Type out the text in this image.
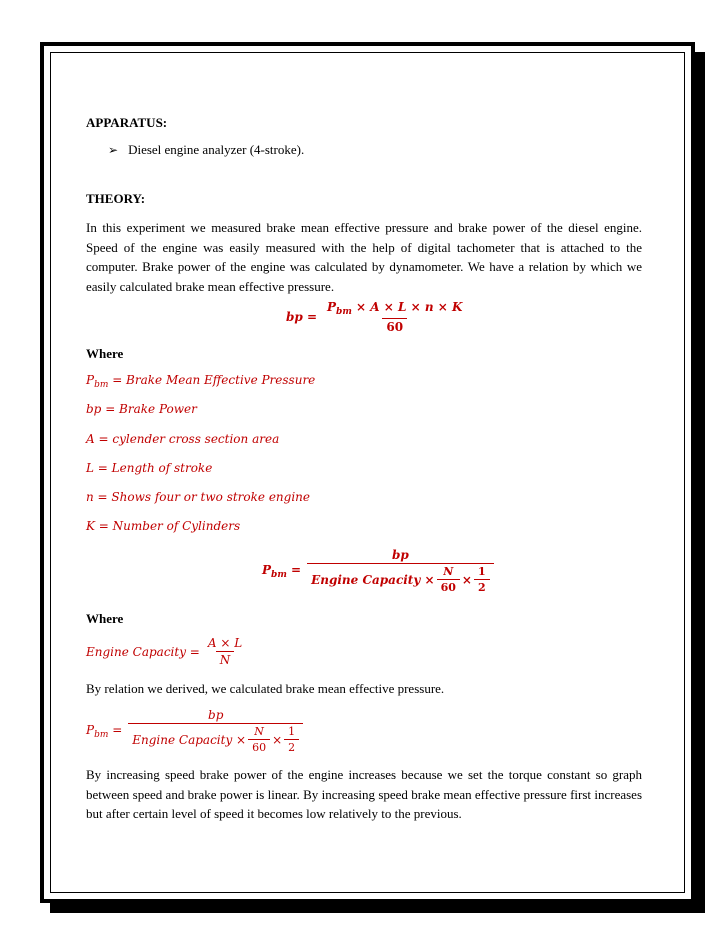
APPARATUS:
➢ Diesel engine analyzer (4-stroke).
THEORY:

In this experiment we measured brake mean effective pressure and brake power of the diesel engine. Speed of the engine was easily measured with the help of digital tachometer that is attached to the computer. Brake power of the engine was calculated by dynamometer. We have a relation by which we easily calculated brake mean effective pressure.

bp = $\frac{P_{bm} \times A \times L \times n \times K}{60}$
Where
$P_{bm}$ = Brake Mean Effective Pressure
bp = Brake Power
A = cylender cross section area
L = Length of stroke
n = Shows four or two stroke engine
K = Number of Cylinders
$P_{bm} = \frac{bp}{Engine Capacity \times \frac{N}{60} \times \frac{1}{2}}$
Where
Engine Capacity = $\frac{A \times L}{N}$
By relation we derived, we calculated brake mean effective pressure.
$P_{bm} = \frac{bp}{Engine Capacity \times \frac{N}{60} \times \frac{1}{2}}$

By increasing speed brake power of the engine increases because we set the torque constant so graph between speed and brake power is linear. By increasing speed brake mean effective pressure first increases but after certain level of speed it becomes low relatively to the previous.
